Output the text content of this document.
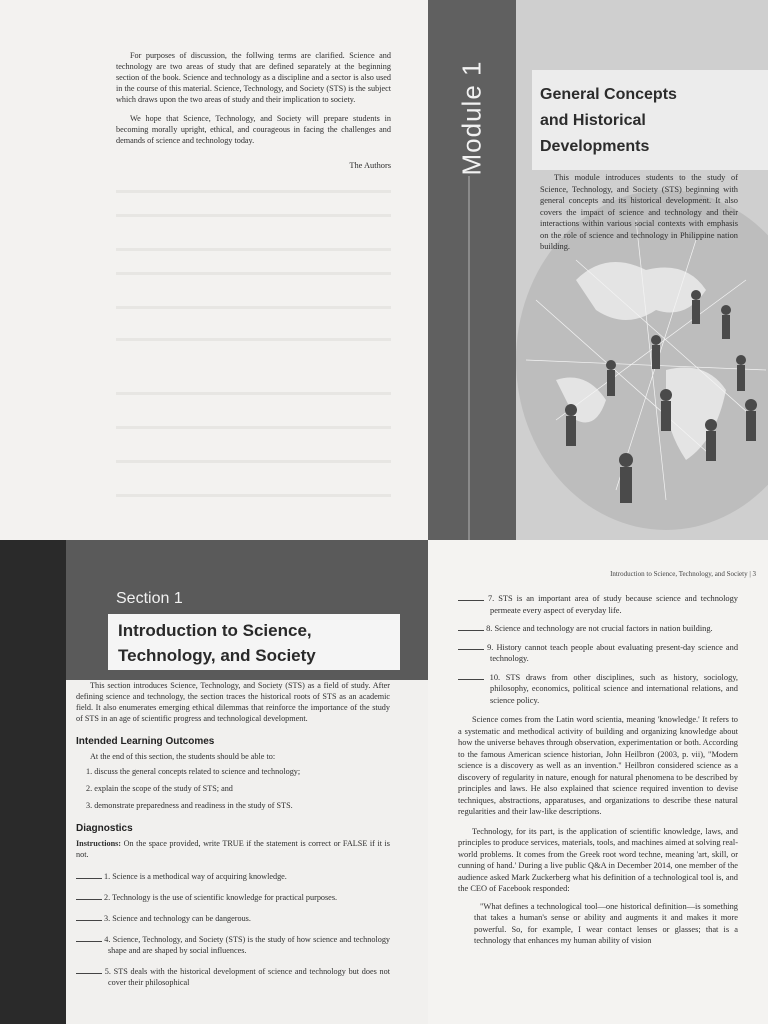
For purposes of discussion, the follwing terms are clarified. Science and technology are two areas of study that are defined separately at the beginning section of the book. Science and technology as a discipline and a sector is also used in the course of this material. Science, Technology, and Society (STS) is the subject which draws upon the two areas of study and their implication to society.

We hope that Science, Technology, and Society will prepare students in becoming morally upright, ethical, and courageous in facing the challenges and demands of science and technology today.

The Authors	Module 1	General Concepts
and Historical
Developments
This module introduces students to the study of Science, Technology, and Society (STS) beginning with general concepts and its historical development. It also covers the impact of science and technology and their interactions within various social contexts with emphasis on the role of science and technology in Philippine nation building.
Section 1
Introduction to Science,
Technology, and Society

This section introduces Science, Technology, and Society (STS) as a field of study. After defining science and technology, the section traces the historical roots of STS as an academic field. It also enumerates emerging ethical dilemmas that reinforce the importance of the study of STS in an age of scientific progress and technological development.

Intended Learning Outcomes

At the end of this section, the students should be able to:

1. discuss the general concepts related to science and technology;
2. explain the scope of the study of STS; and
3. demonstrate preparedness and readiness in the study of STS.
Diagnostics
Instructions: On the space provided, write TRUE if the statement is correct or FALSE if it is not.
1. Science is a methodical way of acquiring knowledge.
2. Technology is the use of scientific knowledge for practical purposes.
3. Science and technology can be dangerous.
4. Science, Technology, and Society (STS) is the study of how science and technology shape and are shaped by social influences.
5. STS deals with the historical development of science and technology but does not cover their philosophical
Introduction to Science, Technology, and Society | 3
7. STS is an important area of study because science and technology permeate every aspect of everyday life.
8. Science and technology are not crucial factors in nation building.
9. History cannot teach people about evaluating present-day science and technology.
10. STS draws from other disciplines, such as history, sociology, philosophy, economics, political science and international relations, and science policy.

Science comes from the Latin word scientia, meaning 'knowledge.' It refers to a systematic and methodical activity of building and organizing knowledge about how the universe behaves through observation, experimentation or both. According to the famous American science historian, John Heilbron (2003, p. vii), "Modern science is a discovery as well as an invention." Heilbron considered science as a discovery of regularity in nature, enough for natural phenomena to be described by principles and laws. He also explained that science required invention to devise techniques, abstractions, apparatuses, and organizations to describe these natural regularities and their law-like descriptions.

Technology, for its part, is the application of scientific knowledge, laws, and principles to produce services, materials, tools, and machines aimed at solving real-world problems. It comes from the Greek root word techne, meaning 'art, skill, or cunning of hand.' During a live public Q&A in December 2014, one member of the audience asked Mark Zuckerberg what his definition of a technological tool is, and the CEO of Facebook responded:

"What defines a technological tool—one historical definition—is something that takes a human's sense or ability and augments it and makes it more powerful. So, for example, I wear contact lenses or glasses; that is a technology that enhances my human ability of vision
